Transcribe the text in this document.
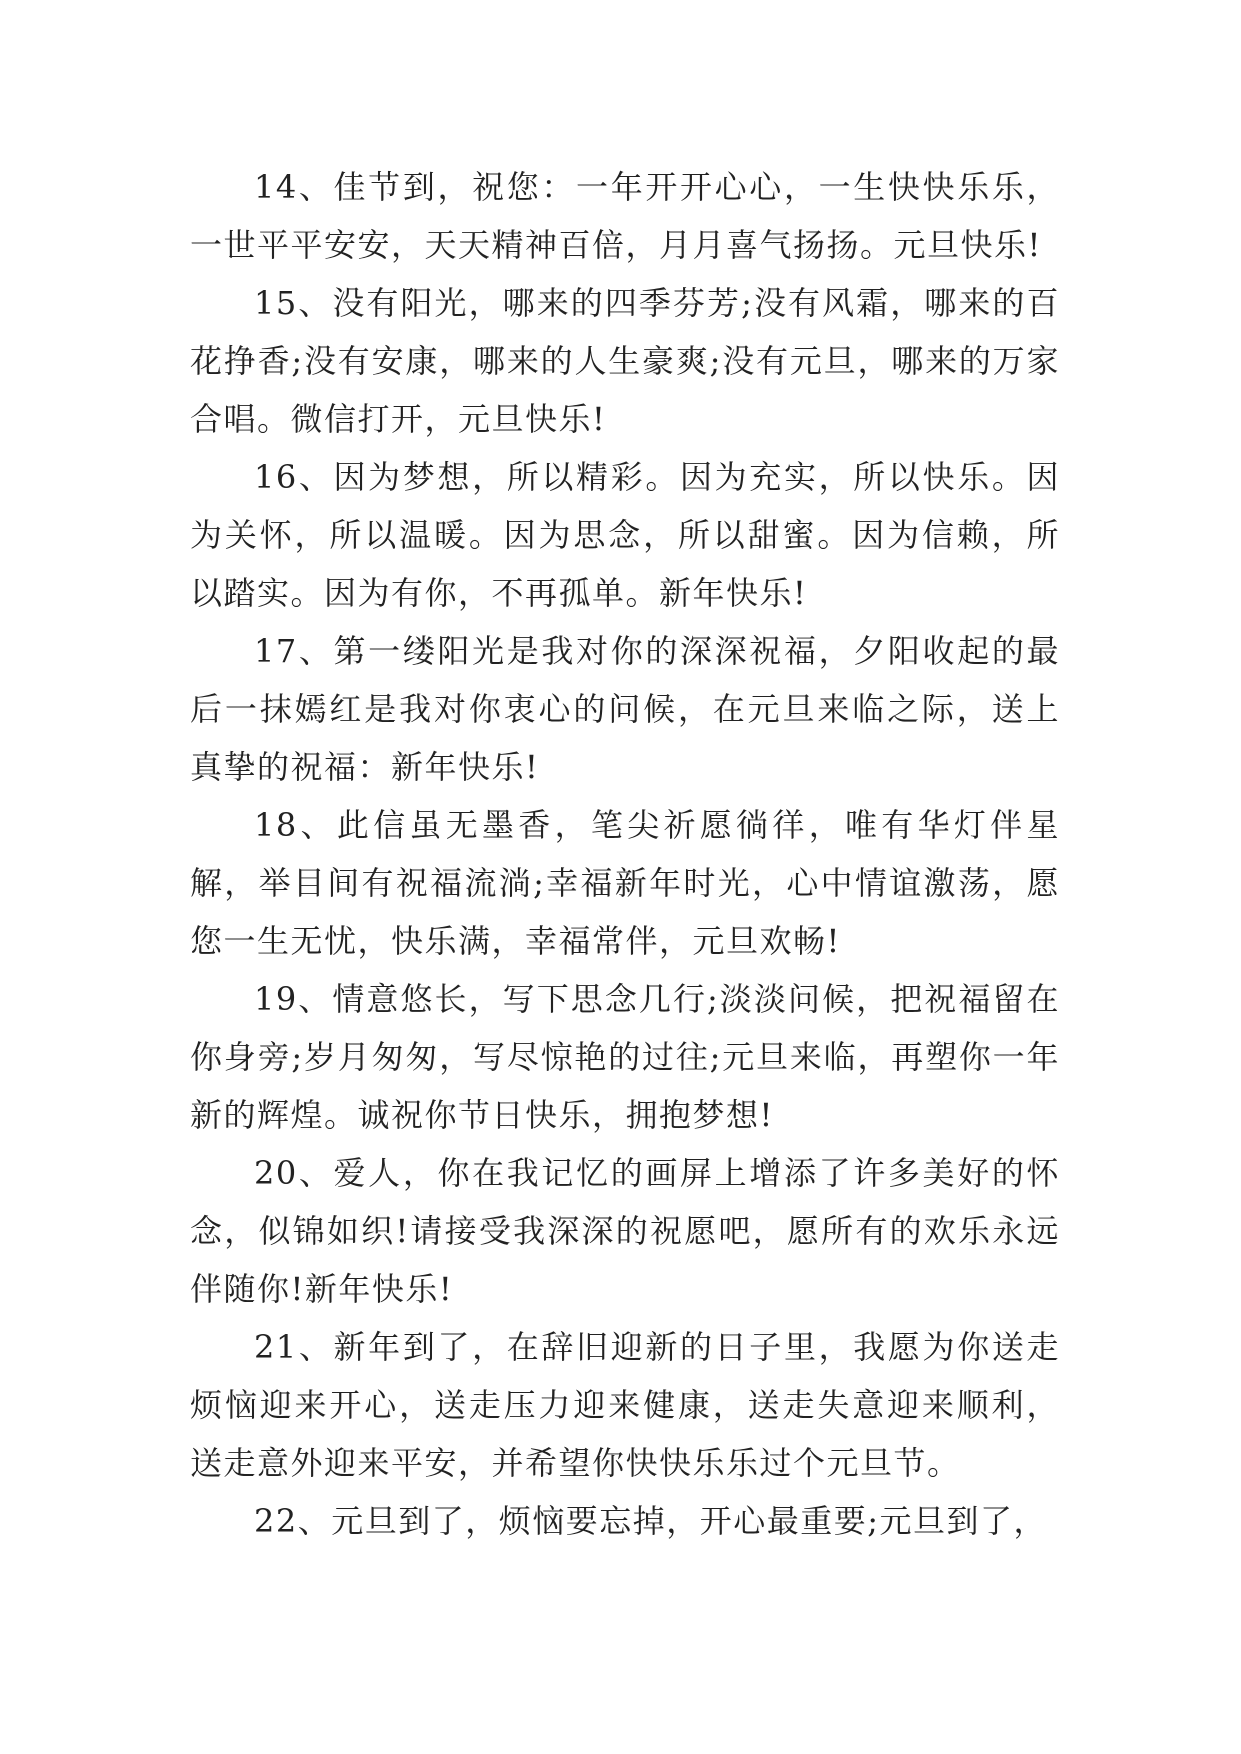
14、佳节到，祝您：一年开开心心，一生快快乐乐，一世平平安安，天天精神百倍，月月喜气扬扬。元旦快乐!

15、没有阳光，哪来的四季芬芳;没有风霜，哪来的百花挣香;没有安康，哪来的人生豪爽;没有元旦，哪来的万家合唱。微信打开，元旦快乐!

16、因为梦想，所以精彩。因为充实，所以快乐。因为关怀，所以温暖。因为思念，所以甜蜜。因为信赖，所以踏实。因为有你，不再孤单。新年快乐!

17、第一缕阳光是我对你的深深祝福，夕阳收起的最后一抹嫣红是我对你衷心的问候，在元旦来临之际，送上真挚的祝福：新年快乐!

18、此信虽无墨香，笔尖祈愿徜徉，唯有华灯伴星解，举目间有祝福流淌;幸福新年时光，心中情谊激荡，愿您一生无忧，快乐满，幸福常伴，元旦欢畅!

19、情意悠长，写下思念几行;淡淡问候，把祝福留在你身旁;岁月匆匆，写尽惊艳的过往;元旦来临，再塑你一年新的辉煌。诚祝你节日快乐，拥抱梦想!

20、爱人，你在我记忆的画屏上增添了许多美好的怀念，似锦如织!请接受我深深的祝愿吧，愿所有的欢乐永远伴随你!新年快乐!

21、新年到了，在辞旧迎新的日子里，我愿为你送走烦恼迎来开心，送走压力迎来健康，送走失意迎来顺利，送走意外迎来平安，并希望你快快乐乐过个元旦节。

22、元旦到了，烦恼要忘掉，开心最重要;元旦到了，
